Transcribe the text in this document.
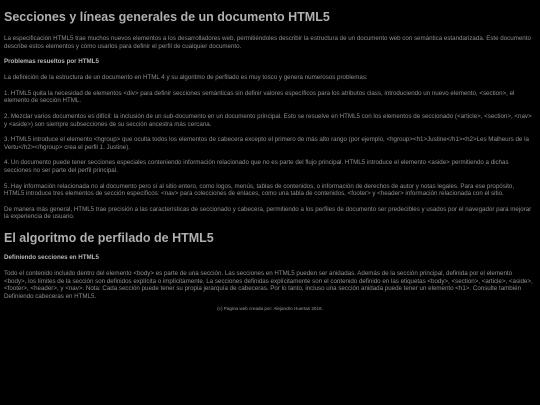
Secciones y líneas generales de un documento HTML5

La especificación HTML5 trae muchos nuevos elementos a los desarrolladores web, permitiéndoles describir la estructura de un documento web con semántica estandarizada. Este documento describe estos elementos y cómo usarlos para definir el perfil de cualquier documento.

Problemas resueltos por HTML5

La definición de la estructura de un documento en HTML 4 y su algoritmo de perfilado es muy tosco y genera numerosos problemas:

1. HTML5 quita la necesidad de elementos <div> para definir secciones semánticas sin definir valores específicos para los atributos class, introduciendo un nuevo elemento, <section>, el elemento de sección HTML.

2. Mezclar varios documentos es difícil: la inclusión de un sub-documento en un documento principal. Esto se resuelve en HTML5 con los elementos de seccionado (<article>, <section>, <nav> y <aside>) son siempre subsecciones de su sección ancestra más cercana.

3. HTML5 introduce el elemento <hgroup> que oculta todos los elementos de cabecera excepto el primero de más alto rango (por ejemplo, <hgroup><h1>Justine</h1><h2>Les Malheurs de la Vertu</h2></hgroup> crea el perfil 1. Justine).

4. Un documento puede tener secciones especiales conteniendo información relacionado que no es parte del flujo principal. HTML5 introduce el elemento <aside> permitiendo a dichas secciones no ser parte del perfil principal.

5. Hay información relacionada no al documento pero sí al sitio entero, como logos, menús, tablas de contenidos, o información de derechos de autor y notas legales. Para ese propósito, HTML5 introduce tres elementos de sección específicos: <nav> para colecciones de enlaces, como una tabla de contenidos, <footer> y <header> información relacionada con el sitio.

De manera más general, HTML5 trae precisión a las características de seccionado y cabecera, permitiendo a los perfiles de documento ser predecibles y usados por el navegador para mejorar la experiencia de usuario.

El algoritmo de perfilado de HTML5
Definiendo secciones en HTML5

Todo el contenido incluido dentro del elemento <body> es parte de una sección. Las secciones en HTML5 pueden ser anidadas. Además de la sección principal, definida por el elemento <body>, los límites de la sección son definidos explícita o implícitamente. La secciones definidas explícitamente son el contenido definido en las etiquetas <body>, <section>, <article>, <aside>, <footer>, <header>, y <nav>. Nota: Cada sección puede tener su propia jerarquía de cabeceras. Por lo tanto, incluso una sección anidada puede tener un elemento <h1>. Consulte también Definiendo cabeceras en HTML5.

(c) Pagina web creada por: Alejandro Huertas 2016.
